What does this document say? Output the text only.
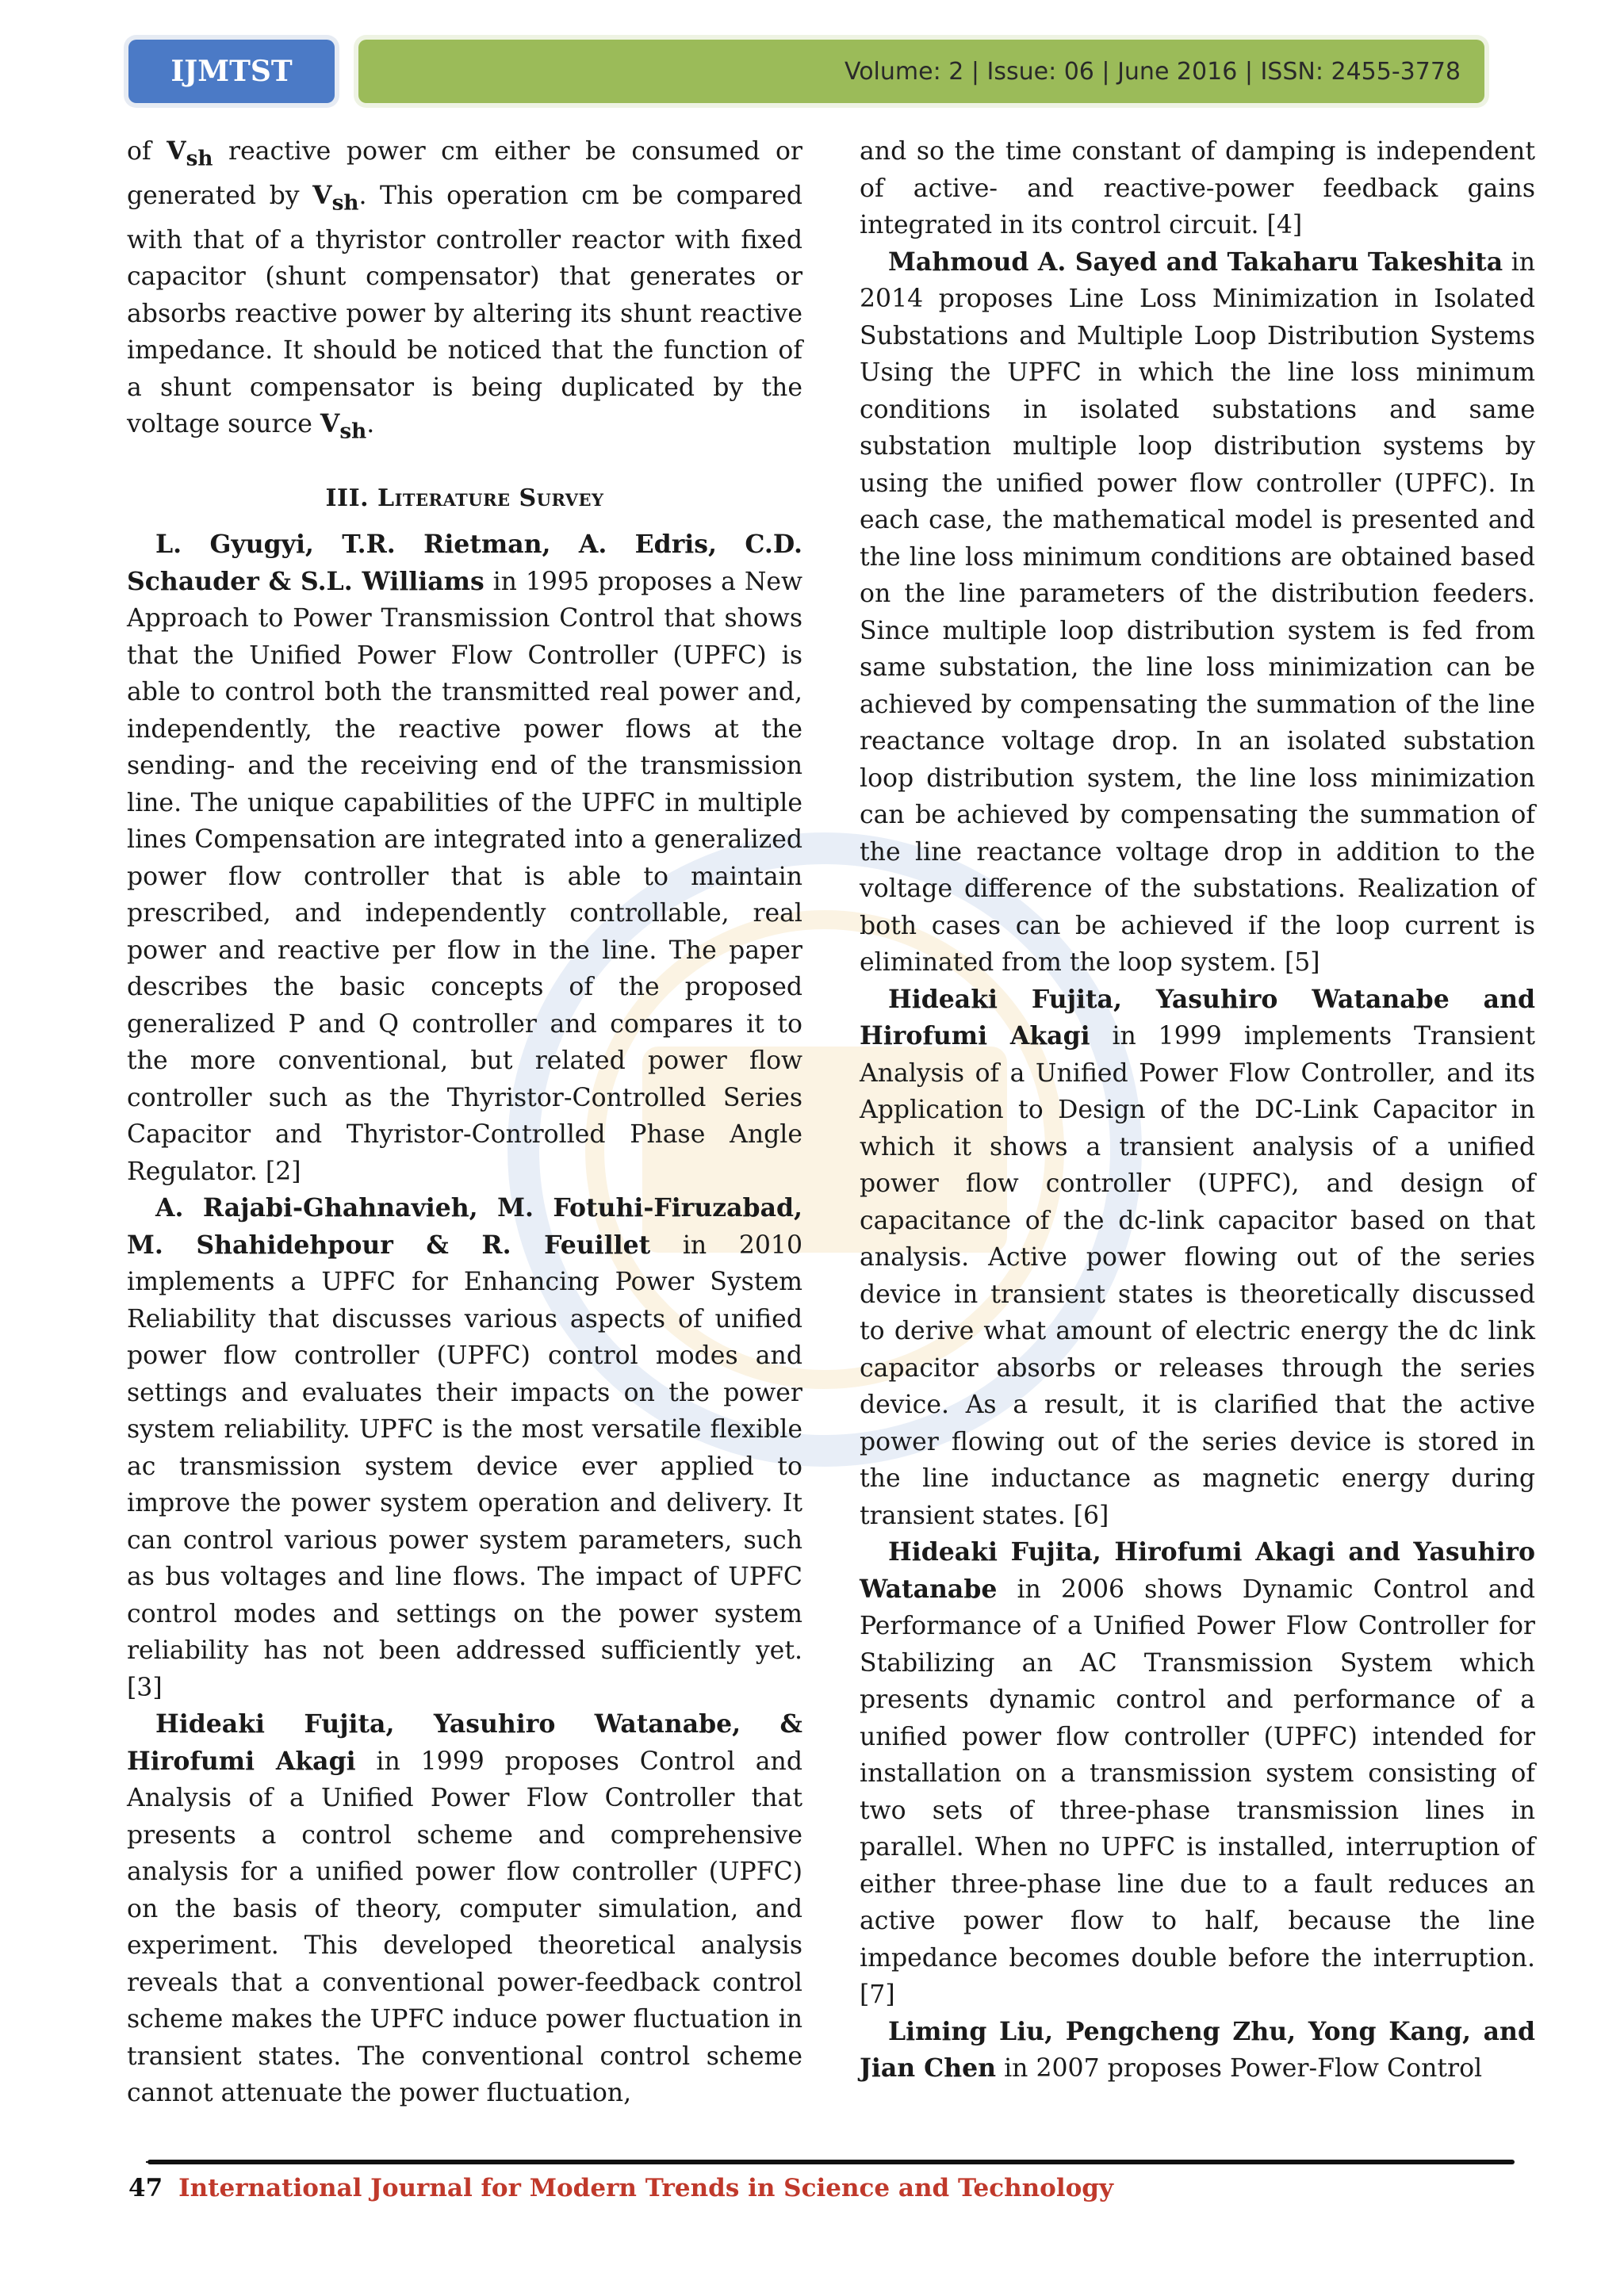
IJMTST	Volume: 2 | Issue: 06 | June 2016 | ISSN: 2455-3778

of $V_{sh}$ reactive power cm either be consumed or generated by $V_{sh}$. This operation cm be compared with that of a thyristor controller reactor with fixed capacitor (shunt compensator) that generates or absorbs reactive power by altering its shunt reactive impedance. It should be noticed that the function of a shunt compensator is being duplicated by the voltage source $V_{sh}$.

III. Literature Survey

L. Gyugyi, T.R. Rietman, A. Edris, C.D. Schauder & S.L. Williams in 1995 proposes a New Approach to Power Transmission Control that shows that the Unified Power Flow Controller (UPFC) is able to control both the transmitted real power and, independently, the reactive power flows at the sending- and the receiving end of the transmission line. The unique capabilities of the UPFC in multiple lines Compensation are integrated into a generalized power flow controller that is able to maintain prescribed, and independently controllable, real power and reactive per flow in the line. The paper describes the basic concepts of the proposed generalized P and Q controller and compares it to the more conventional, but related power flow controller such as the Thyristor-Controlled Series Capacitor and Thyristor-Controlled Phase Angle Regulator. [2]

A. Rajabi-Ghahnavieh, M. Fotuhi-Firuzabad, M. Shahidehpour & R. Feuillet in 2010 implements a UPFC for Enhancing Power System Reliability that discusses various aspects of unified power flow controller (UPFC) control modes and settings and evaluates their impacts on the power system reliability. UPFC is the most versatile flexible ac transmission system device ever applied to improve the power system operation and delivery. It can control various power system parameters, such as bus voltages and line flows. The impact of UPFC control modes and settings on the power system reliability has not been addressed sufficiently yet. [3]

Hideaki Fujita, Yasuhiro Watanabe, & Hirofumi Akagi in 1999 proposes Control and Analysis of a Unified Power Flow Controller that presents a control scheme and comprehensive analysis for a unified power flow controller (UPFC) on the basis of theory, computer simulation, and experiment. This developed theoretical analysis reveals that a conventional power-feedback control scheme makes the UPFC induce power fluctuation in transient states. The conventional control scheme cannot attenuate the power fluctuation,

and so the time constant of damping is independent of active- and reactive-power feedback gains integrated in its control circuit. [4]

Mahmoud A. Sayed and Takaharu Takeshita in 2014 proposes Line Loss Minimization in Isolated Substations and Multiple Loop Distribution Systems Using the UPFC in which the line loss minimum conditions in isolated substations and same substation multiple loop distribution systems by using the unified power flow controller (UPFC). In each case, the mathematical model is presented and the line loss minimum conditions are obtained based on the line parameters of the distribution feeders. Since multiple loop distribution system is fed from same substation, the line loss minimization can be achieved by compensating the summation of the line reactance voltage drop. In an isolated substation loop distribution system, the line loss minimization can be achieved by compensating the summation of the line reactance voltage drop in addition to the voltage difference of the substations. Realization of both cases can be achieved if the loop current is eliminated from the loop system. [5]

Hideaki Fujita, Yasuhiro Watanabe and Hirofumi Akagi in 1999 implements Transient Analysis of a Unified Power Flow Controller, and its Application to Design of the DC-Link Capacitor in which it shows a transient analysis of a unified power flow controller (UPFC), and design of capacitance of the dc-link capacitor based on that analysis. Active power flowing out of the series device in transient states is theoretically discussed to derive what amount of electric energy the dc link capacitor absorbs or releases through the series device. As a result, it is clarified that the active power flowing out of the series device is stored in the line inductance as magnetic energy during transient states. [6]

Hideaki Fujita, Hirofumi Akagi and Yasuhiro Watanabe in 2006 shows Dynamic Control and Performance of a Unified Power Flow Controller for Stabilizing an AC Transmission System which presents dynamic control and performance of a unified power flow controller (UPFC) intended for installation on a transmission system consisting of two sets of three-phase transmission lines in parallel. When no UPFC is installed, interruption of either three-phase line due to a fault reduces an active power flow to half, because the line impedance becomes double before the interruption. [7]

Liming Liu, Pengcheng Zhu, Yong Kang, and Jian Chen in 2007 proposes Power-Flow Control

47 International Journal for Modern Trends in Science and Technology
